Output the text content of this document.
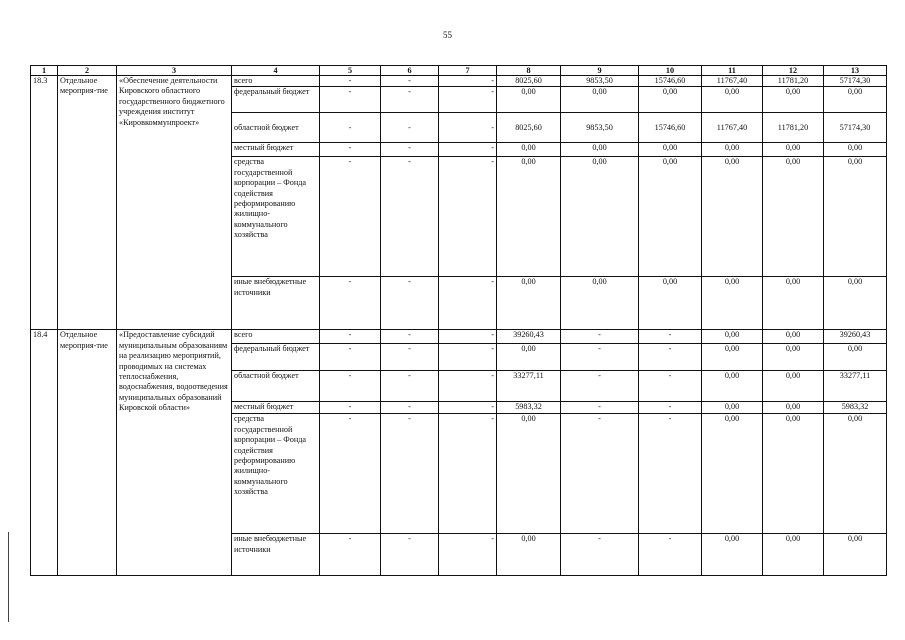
55
1	2	3	4	5	6	7	8	9	10	11	12	13
18.3	Отдельное мероприя-тие	«Обеспечение деятельности Кировского областного государственного бюджетного учреждения институт «Кировкоммунпроект»	всего	-	-	-	8025,60	9853,50	15746,60	11767,40	11781,20	57174,30
			федеральный бюджет	-	-	-	0,00	0,00	0,00	0,00	0,00	0,00
			областной бюджет	-	-	-	8025,60	9853,50	15746,60	11767,40	11781,20	57174,30
			местный бюджет	-	-	-	0,00	0,00	0,00	0,00	0,00	0,00
			средства государственной корпорации – Фонда содействия реформированию жилищно-коммунального хозяйства	-	-	-	0,00	0,00	0,00	0,00	0,00	0,00
			иные внебюджетные источники	-	-	-	0,00	0,00	0,00	0,00	0,00	0,00
18.4	Отдельное мероприя-тие	«Предоставление субсидий муниципальным образованиям на реализацию мероприятий, проводимых на системах теплоснабжения, водоснабжения, водоотведения муниципальных образований Кировской области»	всего	-	-	-	39260,43	-	-	0,00	0,00	39260,43
			федеральный бюджет	-	-	-	0,00	-	-	0,00	0,00	0,00
			областной бюджет	-	-	-	33277,11	-	-	0,00	0,00	33277,11
			местный бюджет	-	-	-	5983,32	-	-	0,00	0,00	5983,32
			средства государственной корпорации – Фонда содействия реформированию жилищно-коммунального хозяйства	-	-	-	0,00	-	-	0,00	0,00	0,00
			иные внебюджетные источники	-	-	-	0,00	-	-	0,00	0,00	0,00
